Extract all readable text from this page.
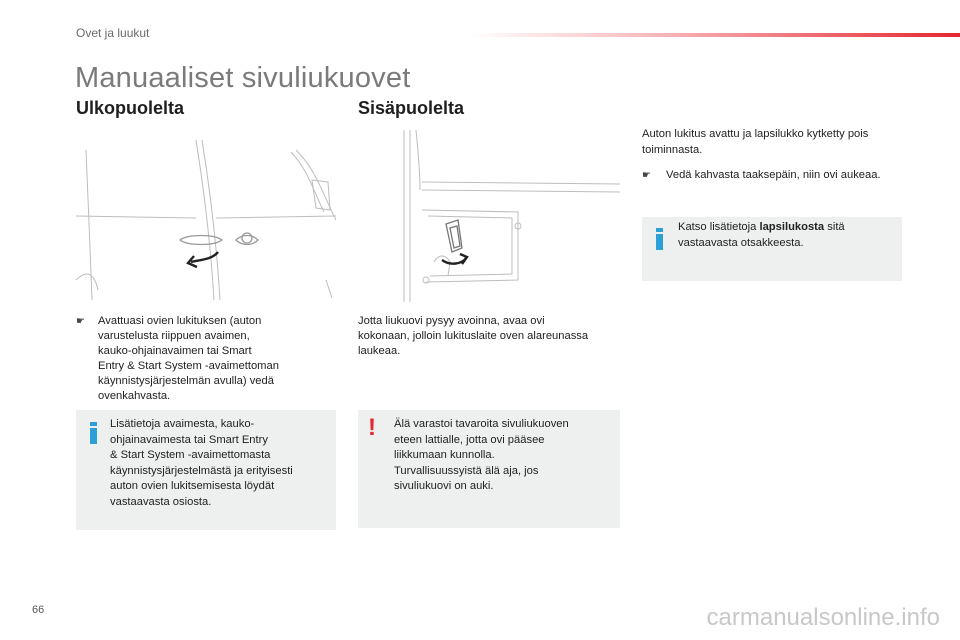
Ovet ja luukut
Manuaaliset sivuliukuovet
Ulkopuolelta	Sisäpuolelta
☛ Avattuasi ovien lukituksen (auton
varustelusta riippuen avaimen,
kauko-ohjainavaimen tai Smart
Entry & Start System -avaimettoman
käynnistysjärjestelmän avulla) vedä
ovenkahvasta.
Lisätietoja avaimesta, kauko-
ohjainavaimesta tai Smart Entry
& Start System -avaimettomasta
käynnistysjärjestelmästä ja erityisesti
auton ovien lukitsemisesta löydät
vastaavasta osiosta.
Jotta liukuovi pysyy avoinna, avaa ovi
kokonaan, jolloin lukituslaite oven alareunassa
laukeaa.
! Älä varastoi tavaroita sivuliukuoven
eteen lattialle, jotta ovi pääsee
liikkumaan kunnolla.
Turvallisuussyistä älä aja, jos
sivuliukuovi on auki.
Auton lukitus avattu ja lapsilukko kytketty pois
toiminnasta.
☛ Vedä kahvasta taaksepäin, niin ovi aukeaa.
Katso lisätietoja lapsilukosta sitä
vastaavasta otsakkeesta.
66	carmanualsonline.info
